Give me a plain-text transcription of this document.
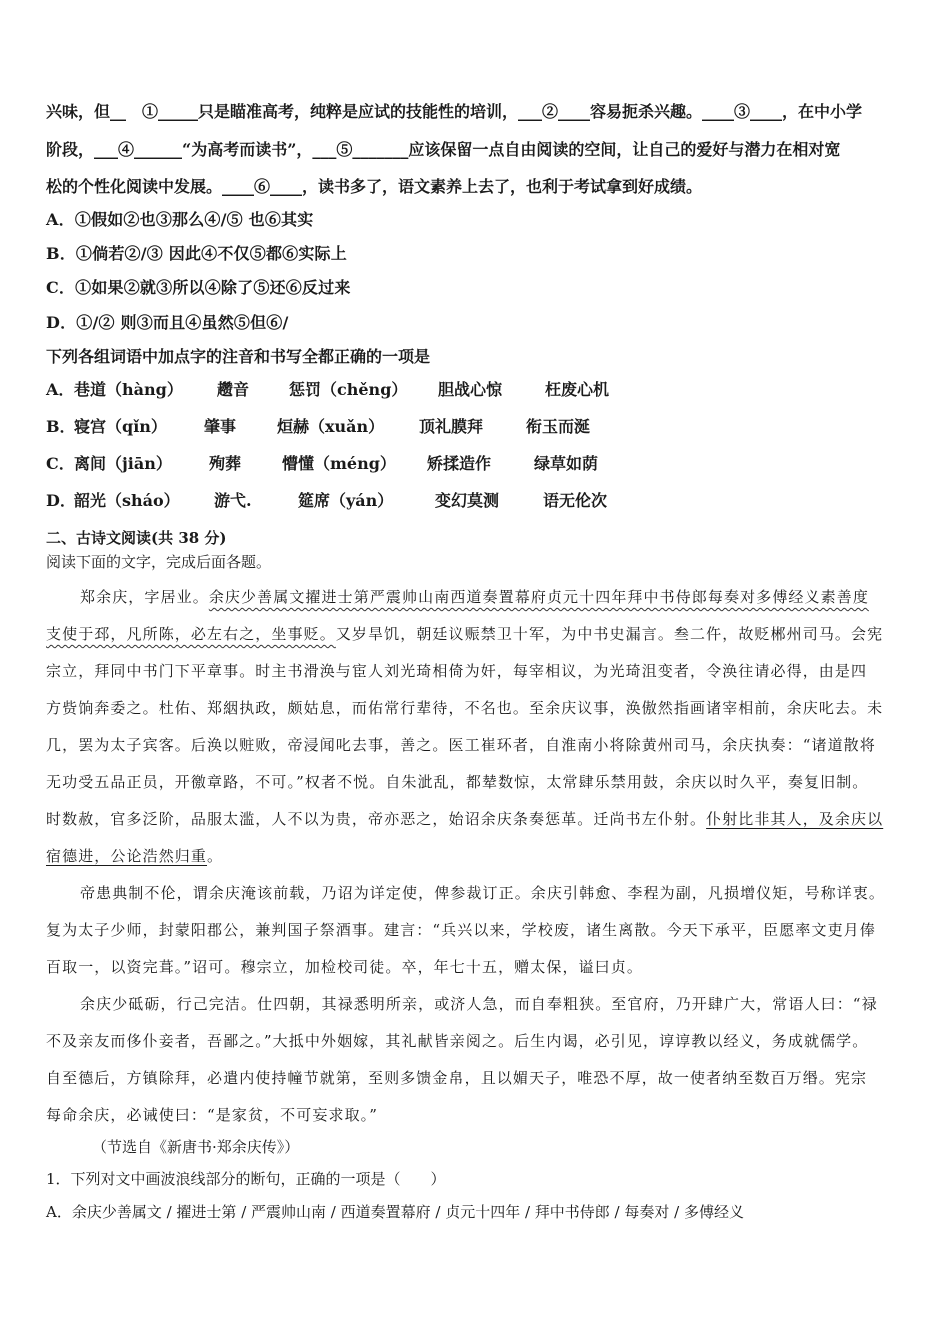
兴味，但__　①_____只是瞄准高考，纯粹是应试的技能性的培训，___②____容易扼杀兴趣。____③____，在中小学
阶段，___④______“为高考而读书”，___⑤_______应该保留一点自由阅读的空间，让自己的爱好与潜力在相对宽
松的个性化阅读中发展。____⑥____，读书多了，语文素养上去了，也利于考试拿到好成绩。
A．①假如②也③那么④/⑤ 也⑥其实
B．①倘若②/③ 因此④不仅⑤都⑥实际上
C．①如果②就③所以④除了⑤还⑥反过来
D．①/② 则③而且④虽然⑤但⑥/
下列各组词语中加点字的注音和书写全都正确的一项是
A． 巷道（hàng）	趱音	惩罚（chěng）	胆战心惊	枉废心机
B．
寝宫（qǐn）	肇事	烜赫（xuǎn）	顶礼膜拜	衔玉而涎
C． 离间（jiān）	殉葬	懵懂（méng）	矫揉造作	绿草如荫
D．
韶光（sháo）	游弋.	筵席（yán）	变幻莫测	语无伦次
二、古诗文阅读(共 38 分)
阅读下面的文字，完成后面各题。
郑余庆，字居业。余庆少善属文擢进士第严震帅山南西道奏置幕府贞元十四年拜中书侍郎每奏对多傅经义素善度
支使于邳，凡所陈，必左右之，坐事贬。又岁旱饥，朝廷议赈禁卫十军，为中书史漏言。叁二仵，故贬郴州司马。会宪
宗立，拜同中书门下平章事。时主书滑涣与宦人刘光琦相倚为奸，每宰相议，为光琦沮变者，令涣往请必得，由是四
方赀饷奔委之。杜佑、郑絪执政，颇姑息，而佑常行辈待，不名也。至余庆议事，涣傲然指画诸宰相前，余庆叱去。未
几，罢为太子宾客。后涣以赃败，帝浸闻叱去事，善之。医工崔环者，自淮南小将除黄州司马，余庆执奏：“诸道散将
无功受五品正员，开徼章路，不可。”权者不悦。自朱泚乱，都辇数惊，太常肆乐禁用鼓，余庆以时久平，奏复旧制。
时数赦，官多泛阶，品服太滥，人不以为贵，帝亦恶之，始诏余庆条奏惩革。迁尚书左仆射。仆射比非其人，及余庆以
宿德进，公论浩然归重。
帝患典制不伦，谓余庆淹该前载，乃诏为详定使，俾参裁订正。余庆引韩愈、李程为副，凡损增仪矩，号称详衷。
复为太子少师，封蒙阳郡公，兼判国子祭酒事。建言：“兵兴以来，学校废，诸生离散。今天下承平，臣愿率文吏月俸
百取一，以资完葺。”诏可。穆宗立，加检校司徒。卒，年七十五，赠太保，谥曰贞。
余庆少砥砺，行己完洁。仕四朝，其禄悉明所亲，或济人急，而自奉粗狭。至官府，乃开肆广大，常语人曰：“禄
不及亲友而侈仆妾者，吾鄙之。”大抵中外姻嫁，其礼献皆亲阅之。后生内谒，必引见，谆谆教以经义，务成就儒学。
自至德后，方镇除拜，必遣内使持幢节就第，至则多馈金帛，且以媚天子，唯恐不厚，故一使者纳至数百万缗。宪宗
每命余庆，必诫使曰：“是家贫，不可妄求取。”
（节选自《新唐书·郑余庆传》）
1．下列对文中画波浪线部分的断句，正确的一项是（　　）
A．余庆少善属文 / 擢进士第 / 严震帅山南 / 西道奏置幕府 / 贞元十四年 / 拜中书侍郎 / 每奏对 / 多傅经义
